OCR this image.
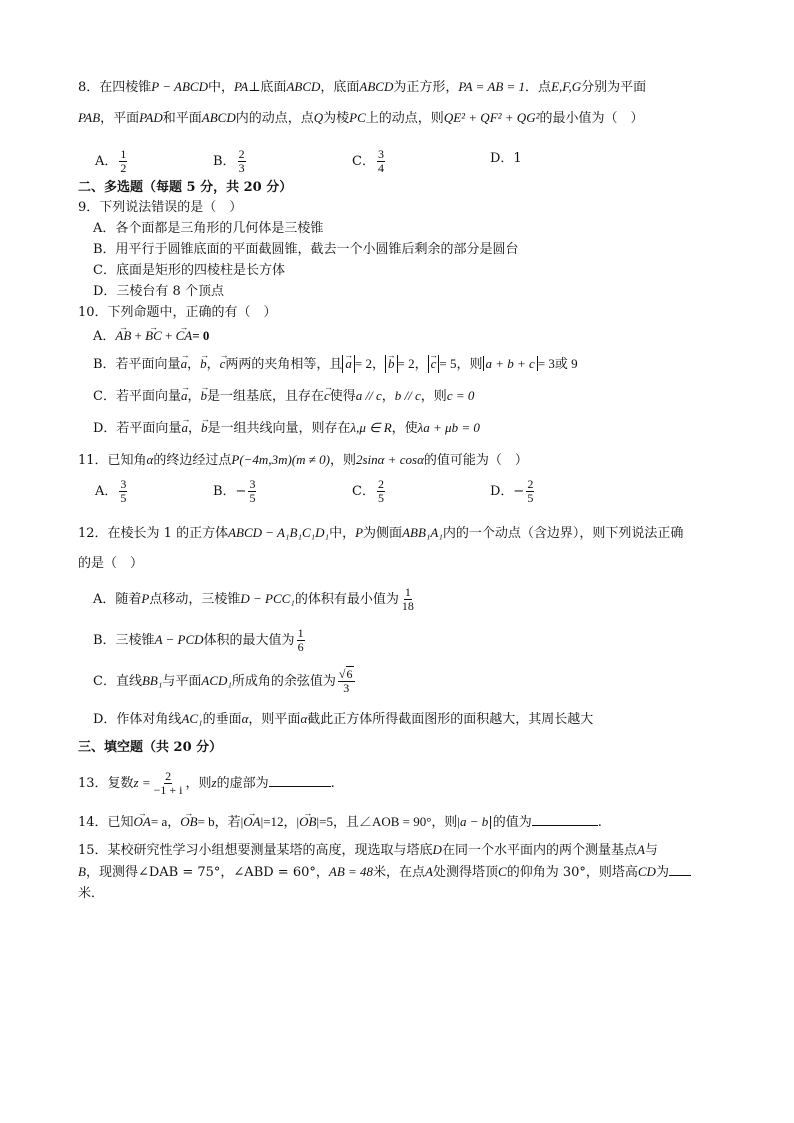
8．在四棱锥P − ABCD中，PA⊥底面ABCD，底面ABCD为正方形，PA = AB = 1．点E,F,G分别为平面
PAB，平面PAD和平面ABCD内的动点，点Q为棱PC上的动点，则QE² + QF² + QG²的最小值为（　）
A． $\frac{1}{2}$	B． $\frac{2}{3}$	C． $\frac{3}{4}$	D．1
二、多选题（每题 5 分，共 20 分）
9．下列说法错误的是（　）
A．各个面都是三角形的几何体是三棱锥
B．用平行于圆锥底面的平面截圆锥，截去一个小圆锥后剩余的部分是圆台
C．底面是矩形的四棱柱是长方体
D．三棱台有 8 个顶点
10．下列命题中，正确的有（　）
A．→ AB + → BC + → CA= 0
B．若平面向量→ a，→ b，→ c两两的夹角相等，且 → a = 2， → b = 2， → c = 5，则 a + b + c = 3或 9
C．若平面向量→ a，→ b是一组基底，且存在→ c使得a // c，b // c，则c = 0
D．若平面向量→ a，→ b是一组共线向量，则存在λ,μ ∈ R，使λa + μb = 0
11．已知角α的终边经过点P(−4m,3m)(m ≠ 0)，则2sinα + cosα的值可能为（　）
A． $\frac{3}{5}$	B．− $\frac{3}{5}$	C． $\frac{2}{5}$	D．− $\frac{2}{5}$
12．在棱长为 1 的正方体ABCD − A₁B₁C₁D₁中，P为侧面ABB₁A₁内的一个动点（含边界），则下列说法正确
的是（　）
A．随着P点移动，三棱锥D − PCC₁的体积有最小值为 $\frac{1}{18}$
B．三棱锥A − PCD体积的最大值为 $\frac{1}{6}$
C．直线BB₁与平面ACD₁所成角的余弦值为 $\frac{√6}{3}$
D．作体对角线AC₁的垂面α，则平面α截此正方体所得截面图形的面积越大，其周长越大
三、填空题（共 20 分）
13．复数$z = \frac{2}{-1 + i}$ ，则z的虚部为	.
14．已知→ OA= a，→ OB= b，若|→ OA|=12，|→ OB|=5，且∠AOB = 90°，则|a − b|的值为	.
15．某校研究性学习小组想要测量某塔的高度，现选取与塔底D在同一个水平面内的两个测量基点A与
B，现测得∠DAB = 75°，∠ABD = 60°，AB = 48米，在点A处测得塔顶C的仰角为 30°，则塔高CD为
米．
